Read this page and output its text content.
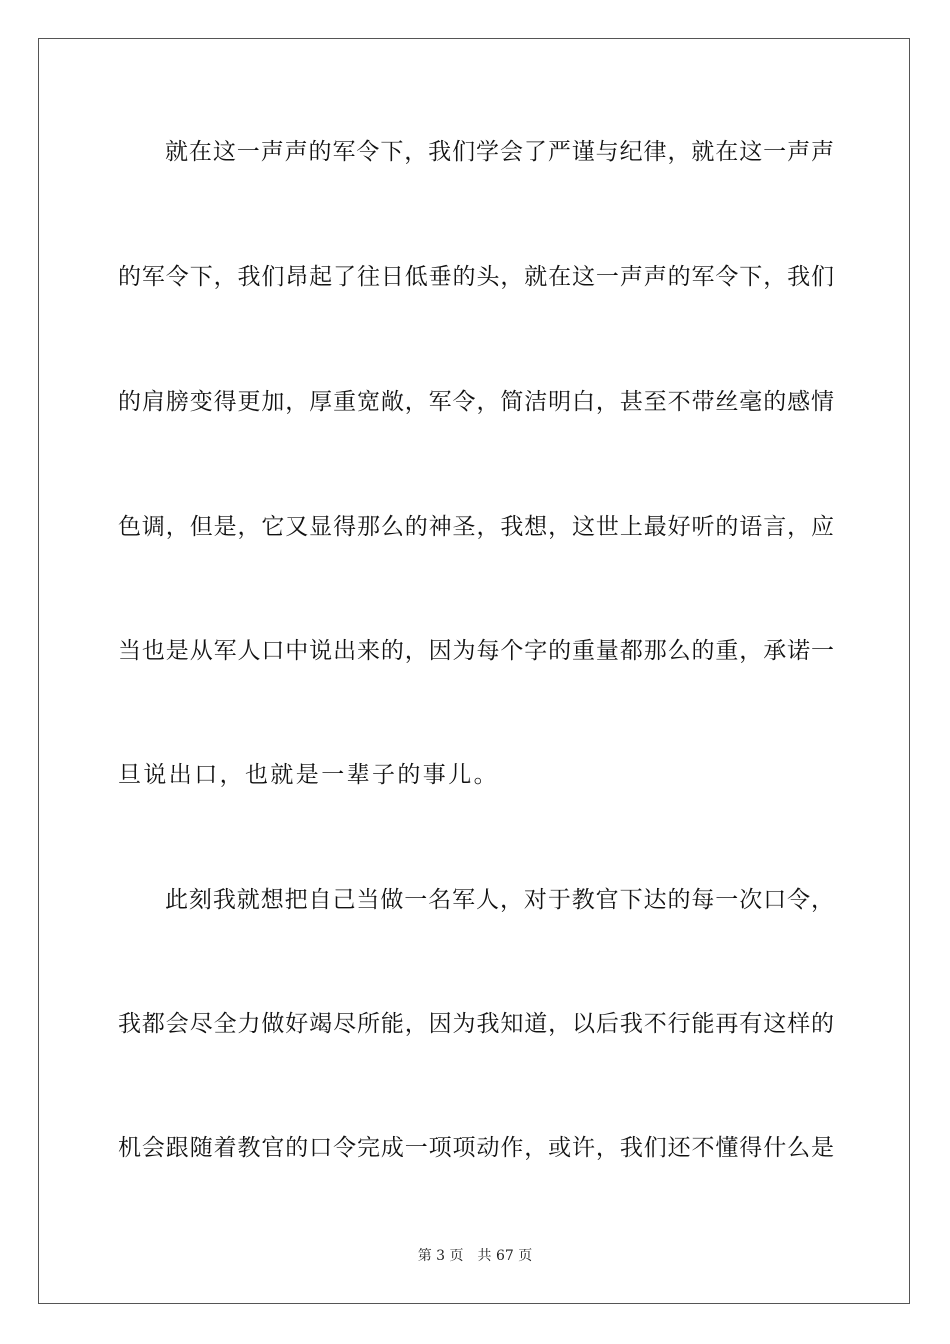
就在这一声声的军令下，我们学会了严谨与纪律，就在这一声声
的军令下，我们昂起了往日低垂的头，就在这一声声的军令下，我们
的肩膀变得更加，厚重宽敞，军令，简洁明白，甚至不带丝毫的感情
色调，但是，它又显得那么的神圣，我想，这世上最好听的语言，应
当也是从军人口中说出来的，因为每个字的重量都那么的重，承诺一
旦说出口，也就是一辈子的事儿。
此刻我就想把自己当做一名军人，对于教官下达的每一次口令，
我都会尽全力做好竭尽所能，因为我知道，以后我不行能再有这样的
机会跟随着教官的口令完成一项项动作，或许，我们还不懂得什么是
第 3 页 共 67 页
